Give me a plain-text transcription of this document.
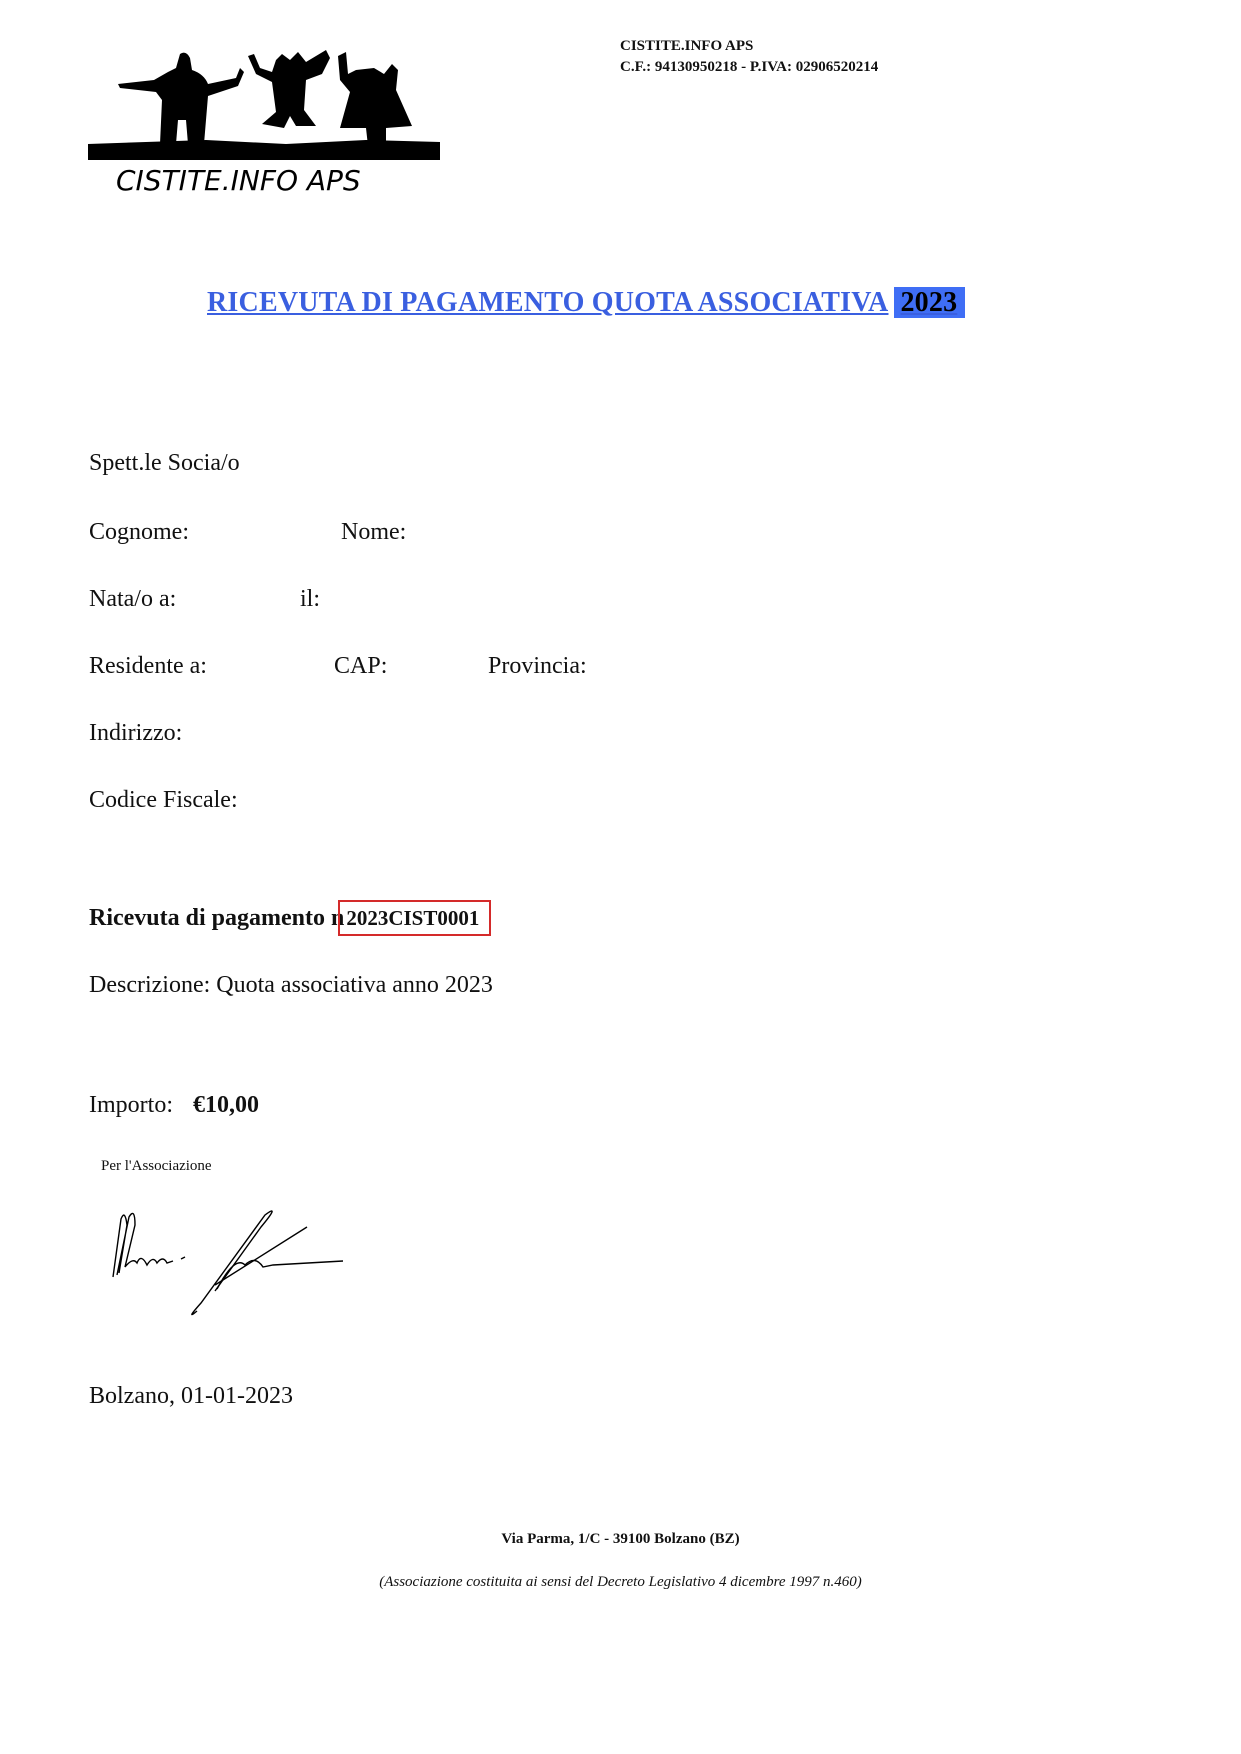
CISTITE.INFO APS
CISTITE.INFO APS
C.F.: 94130950218 - P.IVA: 02906520214
RICEVUTA DI PAGAMENTO QUOTA ASSOCIATIVA 2023
Spett.le Socia/o
Cognome:	Nome:
Nata/o a:	il:
Residente a:	CAP:	Provincia:
Indirizzo:
Codice Fiscale:
Ricevuta di pagamento n2023CIST0001
Descrizione: Quota associativa anno 2023
Importo: €10,00
Per l'Associazione
Bolzano, 01-01-2023
Via Parma, 1/C - 39100 Bolzano (BZ)
(Associazione costituita ai sensi del Decreto Legislativo 4 dicembre 1997 n.460)
